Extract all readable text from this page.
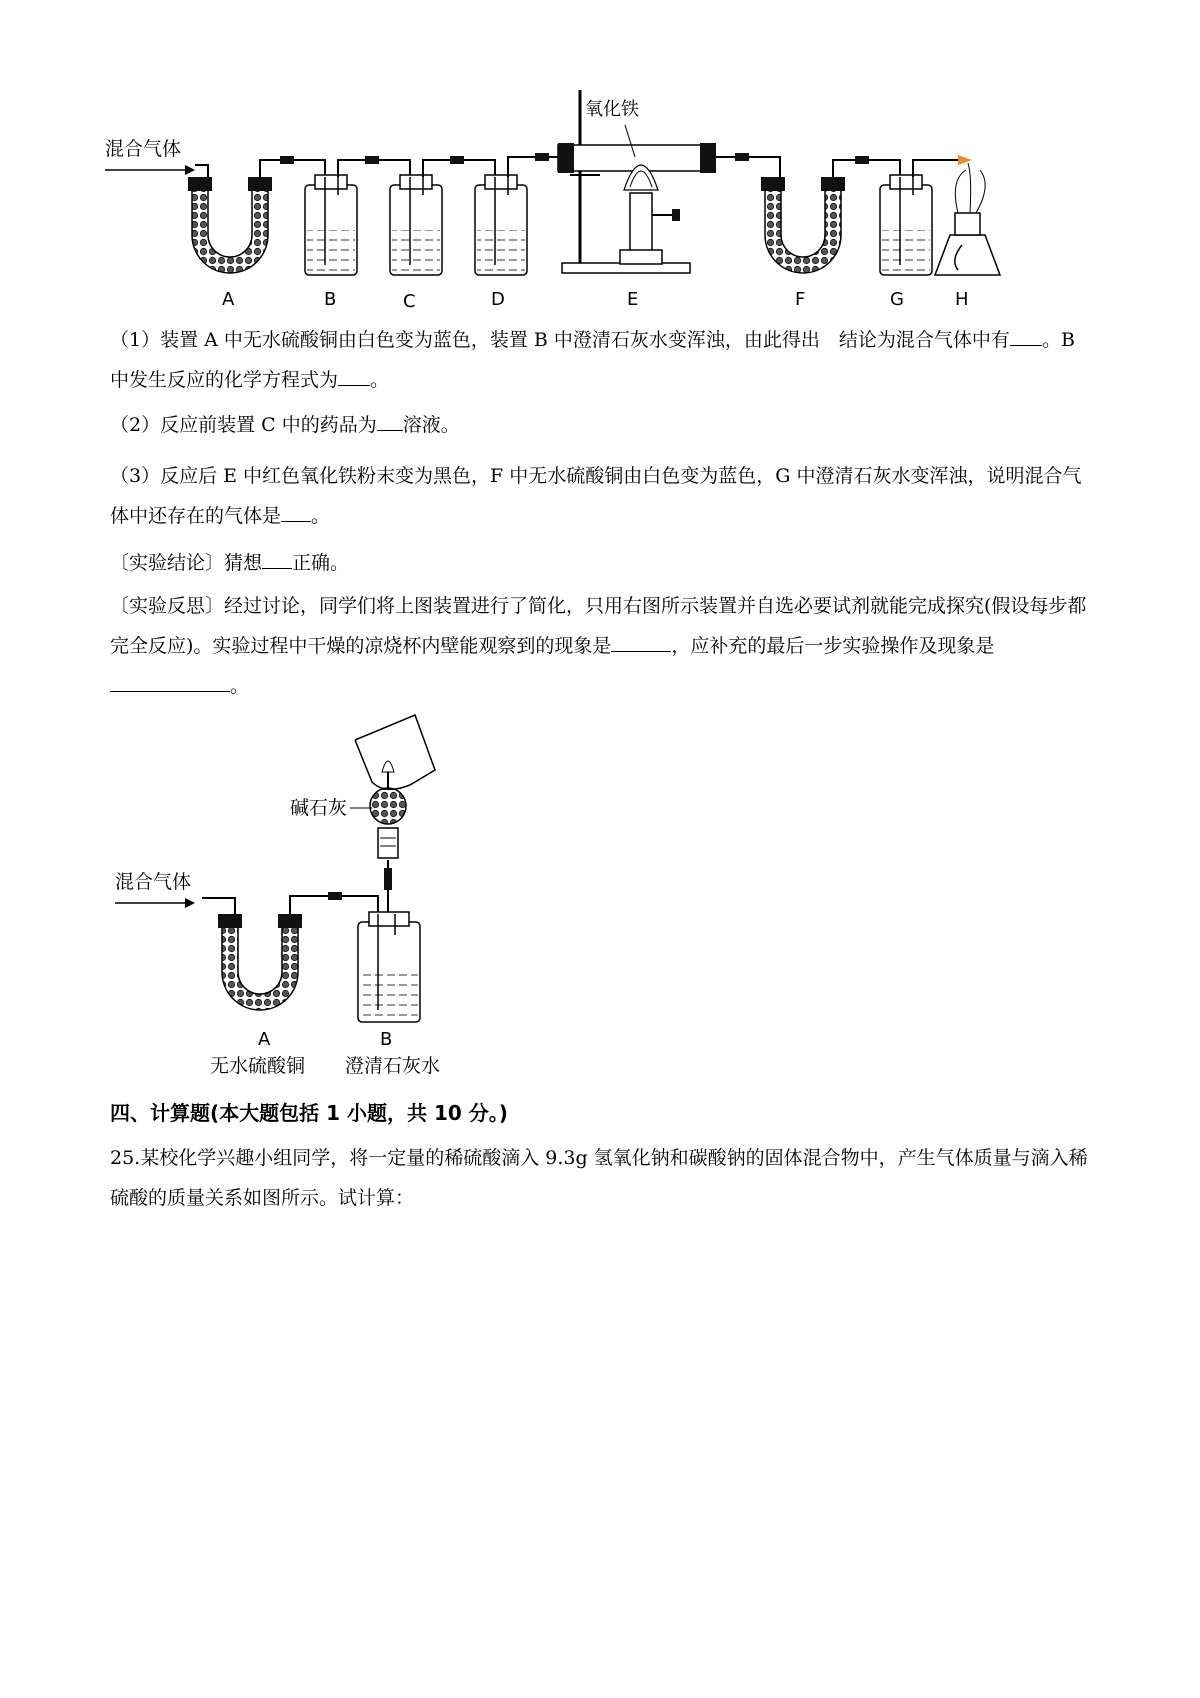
混合气体
氧化铁
A	B	C	D	E	F	G	H
（1）装置 A 中无水硫酸铜由白色变为蓝色，装置 B 中澄清石灰水变浑浊，由此得出　结论为混合气体中有 。B 中发生反应的化学方程式为 。
（2）反应前装置 C 中的药品为 溶液。
（3）反应后 E 中红色氧化铁粉末变为黑色，F 中无水硫酸铜由白色变为蓝色，G 中澄清石灰水变浑浊，说明混合气体中还存在的气体是 。
〔实验结论〕猜想 正确。
〔实验反思〕经过讨论，同学们将上图装置进行了简化，只用右图所示装置并自选必要试剂就能完成探究(假设每步都完全反应)。实验过程中干燥的凉烧杯内壁能观察到的现象是	，应补充的最后一步实验操作及现象是。
混合气体
碱石灰
A	B
无水硫酸铜 澄清石灰水
四、计算题(本大题包括 1 小题，共 10 分。)
25.某校化学兴趣小组同学，将一定量的稀硫酸滴入 9.3g 氢氧化钠和碳酸钠的固体混合物中，产生气体质量与滴入稀硫酸的质量关系如图所示。试计算：
